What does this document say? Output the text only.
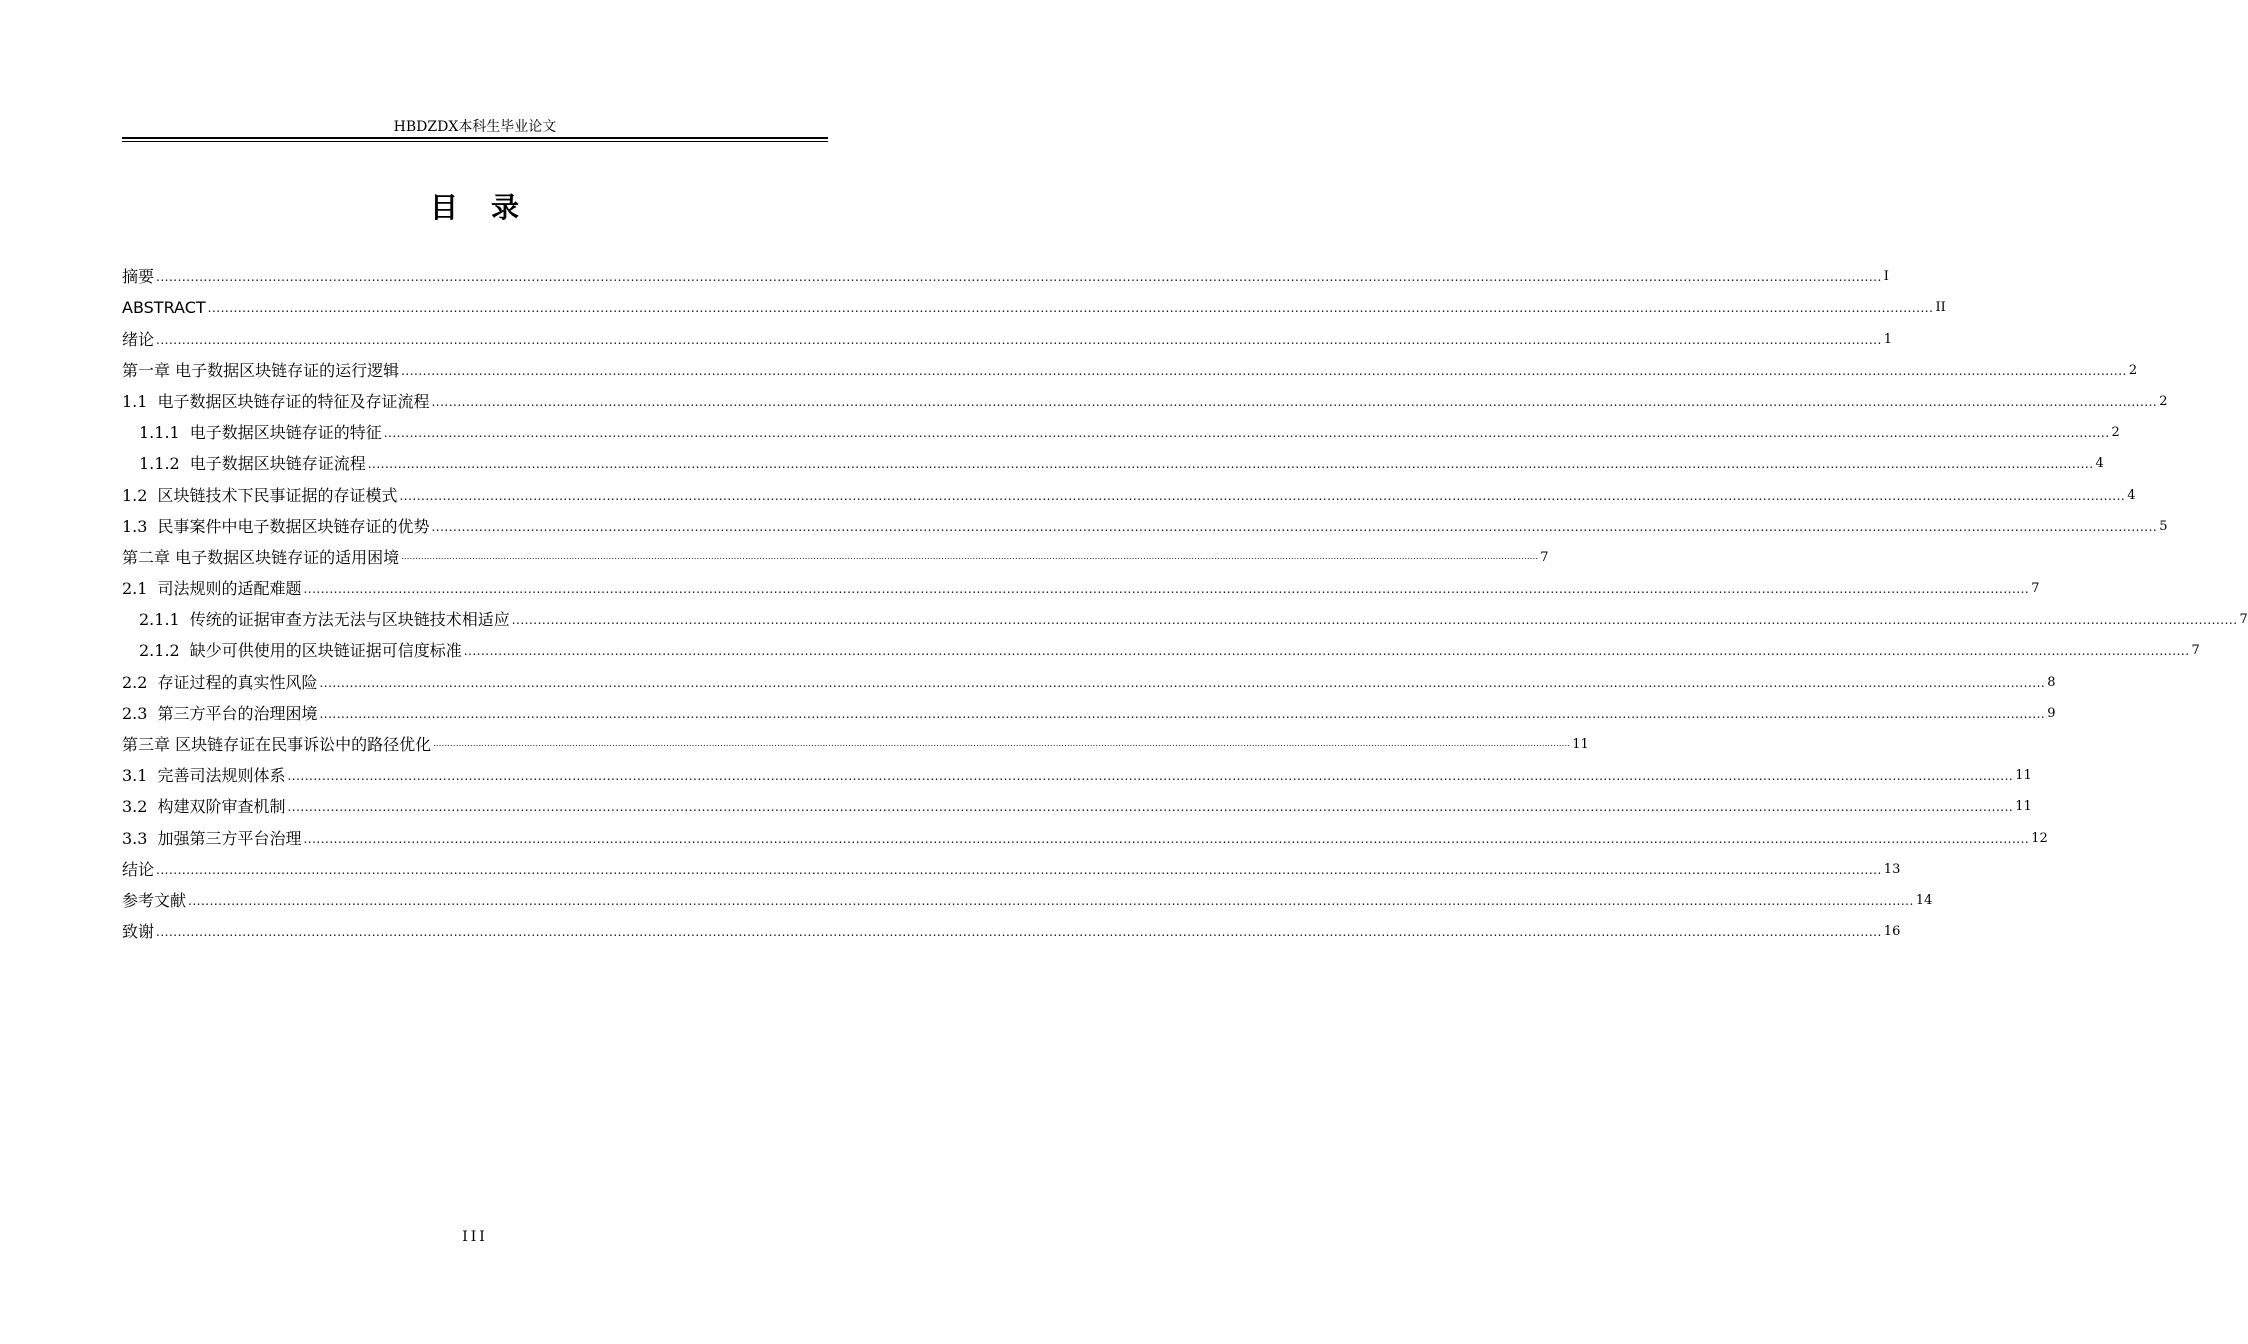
HBDZDX本科生毕业论文
目 录
摘要 ................................................................................................................................................................................................................................................................................................................................................................................................................ I
ABSTRACT ................................................................................................................................................................................................................................................................................................................................................................................................................ II
绪论 ................................................................................................................................................................................................................................................................................................................................................................................................................ 1
第一章 电子数据区块链存证的运行逻辑 ................................................................................................................................................................................................................................................................................................................................................................................................................ 2
1.1 电子数据区块链存证的特征及存证流程 ................................................................................................................................................................................................................................................................................................................................................................................................................ 2
1.1.1 电子数据区块链存证的特征 ................................................................................................................................................................................................................................................................................................................................................................................................................ 2
1.1.2 电子数据区块链存证流程 ................................................................................................................................................................................................................................................................................................................................................................................................................ 4
1.2 区块链技术下民事证据的存证模式 ................................................................................................................................................................................................................................................................................................................................................................................................................ 4
1.3 民事案件中电子数据区块链存证的优势 ................................................................................................................................................................................................................................................................................................................................................................................................................ 5
第二章 电子数据区块链存证的适用困境 ................................................................................................................................................................................................................................................................................................................................................................................................................ 7
2.1 司法规则的适配难题 ................................................................................................................................................................................................................................................................................................................................................................................................................ 7
2.1.1 传统的证据审查方法无法与区块链技术相适应 ................................................................................................................................................................................................................................................................................................................................................................................................................ 7
2.1.2 缺少可供使用的区块链证据可信度标准 ................................................................................................................................................................................................................................................................................................................................................................................................................ 7
2.2 存证过程的真实性风险 ................................................................................................................................................................................................................................................................................................................................................................................................................ 8
2.3 第三方平台的治理困境 ................................................................................................................................................................................................................................................................................................................................................................................................................ 9
第三章 区块链存证在民事诉讼中的路径优化 ................................................................................................................................................................................................................................................................................................................................................................................................................ 11
3.1 完善司法规则体系 ................................................................................................................................................................................................................................................................................................................................................................................................................ 11
3.2 构建双阶审查机制 ................................................................................................................................................................................................................................................................................................................................................................................................................ 11
3.3 加强第三方平台治理 ................................................................................................................................................................................................................................................................................................................................................................................................................ 12
结论 ................................................................................................................................................................................................................................................................................................................................................................................................................ 13
参考文献 ................................................................................................................................................................................................................................................................................................................................................................................................................ 14
致谢 ................................................................................................................................................................................................................................................................................................................................................................................................................ 16
III
